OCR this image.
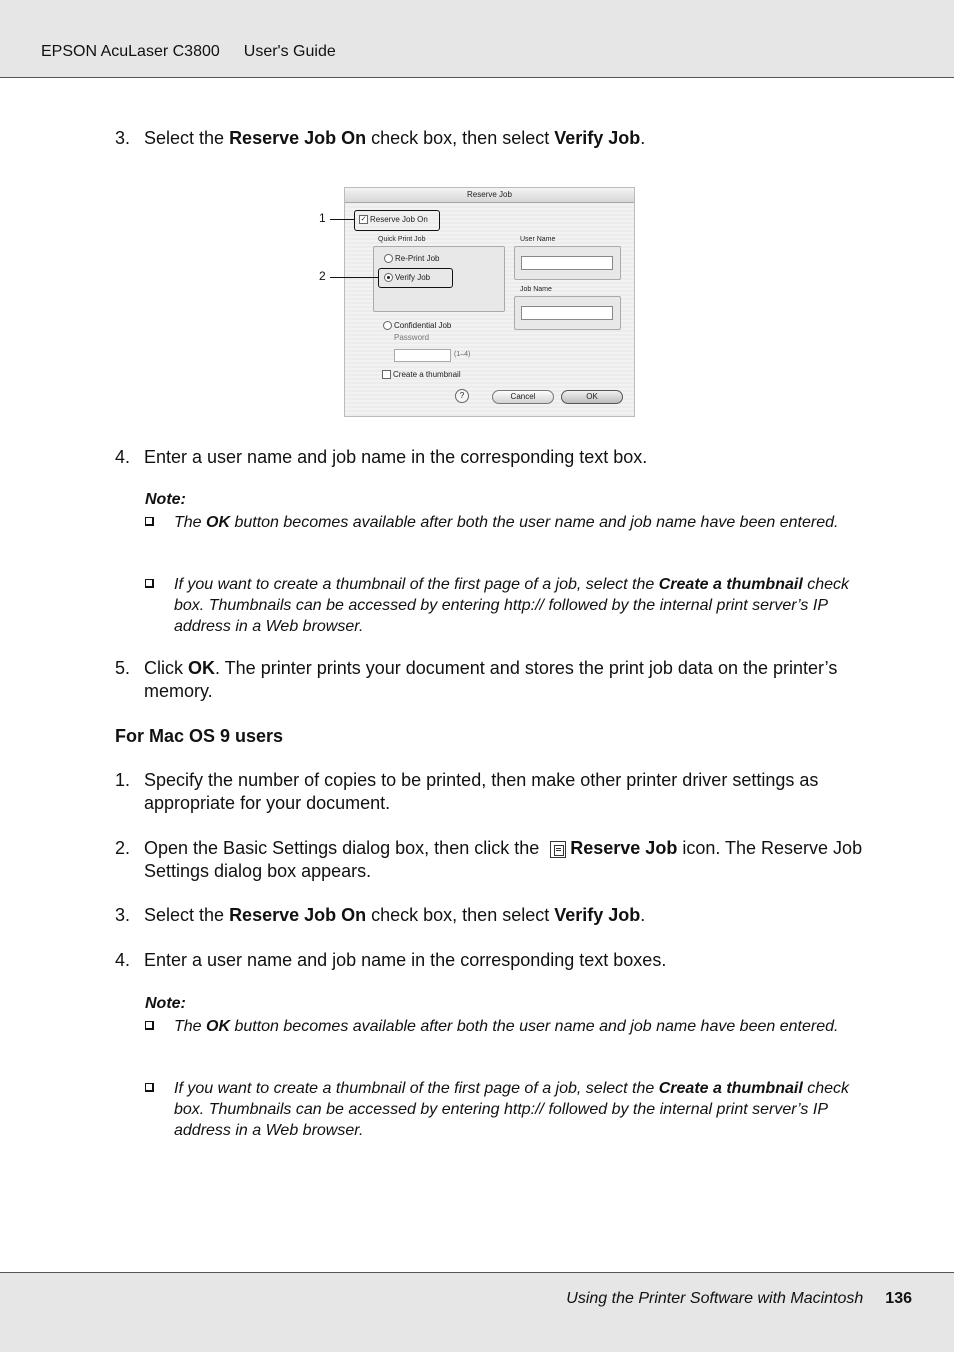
EPSON AcuLaser C3800 User's Guide
3. Select the Reserve Job On check box, then select Verify Job.
Reserve Job
✓ Reserve Job On
Quick Print Job
Re-Print Job
Verify Job
User Name
Job Name
Confidential Job
Password
(1–4)
Create a thumbnail
?	Cancel	OK
1
2
4. Enter a user name and job name in the corresponding text box.
Note:
The OK button becomes available after both the user name and job name have been entered.
If you want to create a thumbnail of the first page of a job, select the Create a thumbnail check box. Thumbnails can be accessed by entering http:// followed by the internal print server’s IP address in a Web browser.
5. Click OK. The printer prints your document and stores the print job data on the printer’s memory.
For Mac OS 9 users
1. Specify the number of copies to be printed, then make other printer driver settings as appropriate for your document.
2. Open the Basic Settings dialog box, then click the Reserve Job icon. The Reserve Job Settings dialog box appears.
3. Select the Reserve Job On check box, then select Verify Job.
4. Enter a user name and job name in the corresponding text boxes.
Note:
The OK button becomes available after both the user name and job name have been entered.
If you want to create a thumbnail of the first page of a job, select the Create a thumbnail check box. Thumbnails can be accessed by entering http:// followed by the internal print server’s IP address in a Web browser.
Using the Printer Software with Macintosh 136
